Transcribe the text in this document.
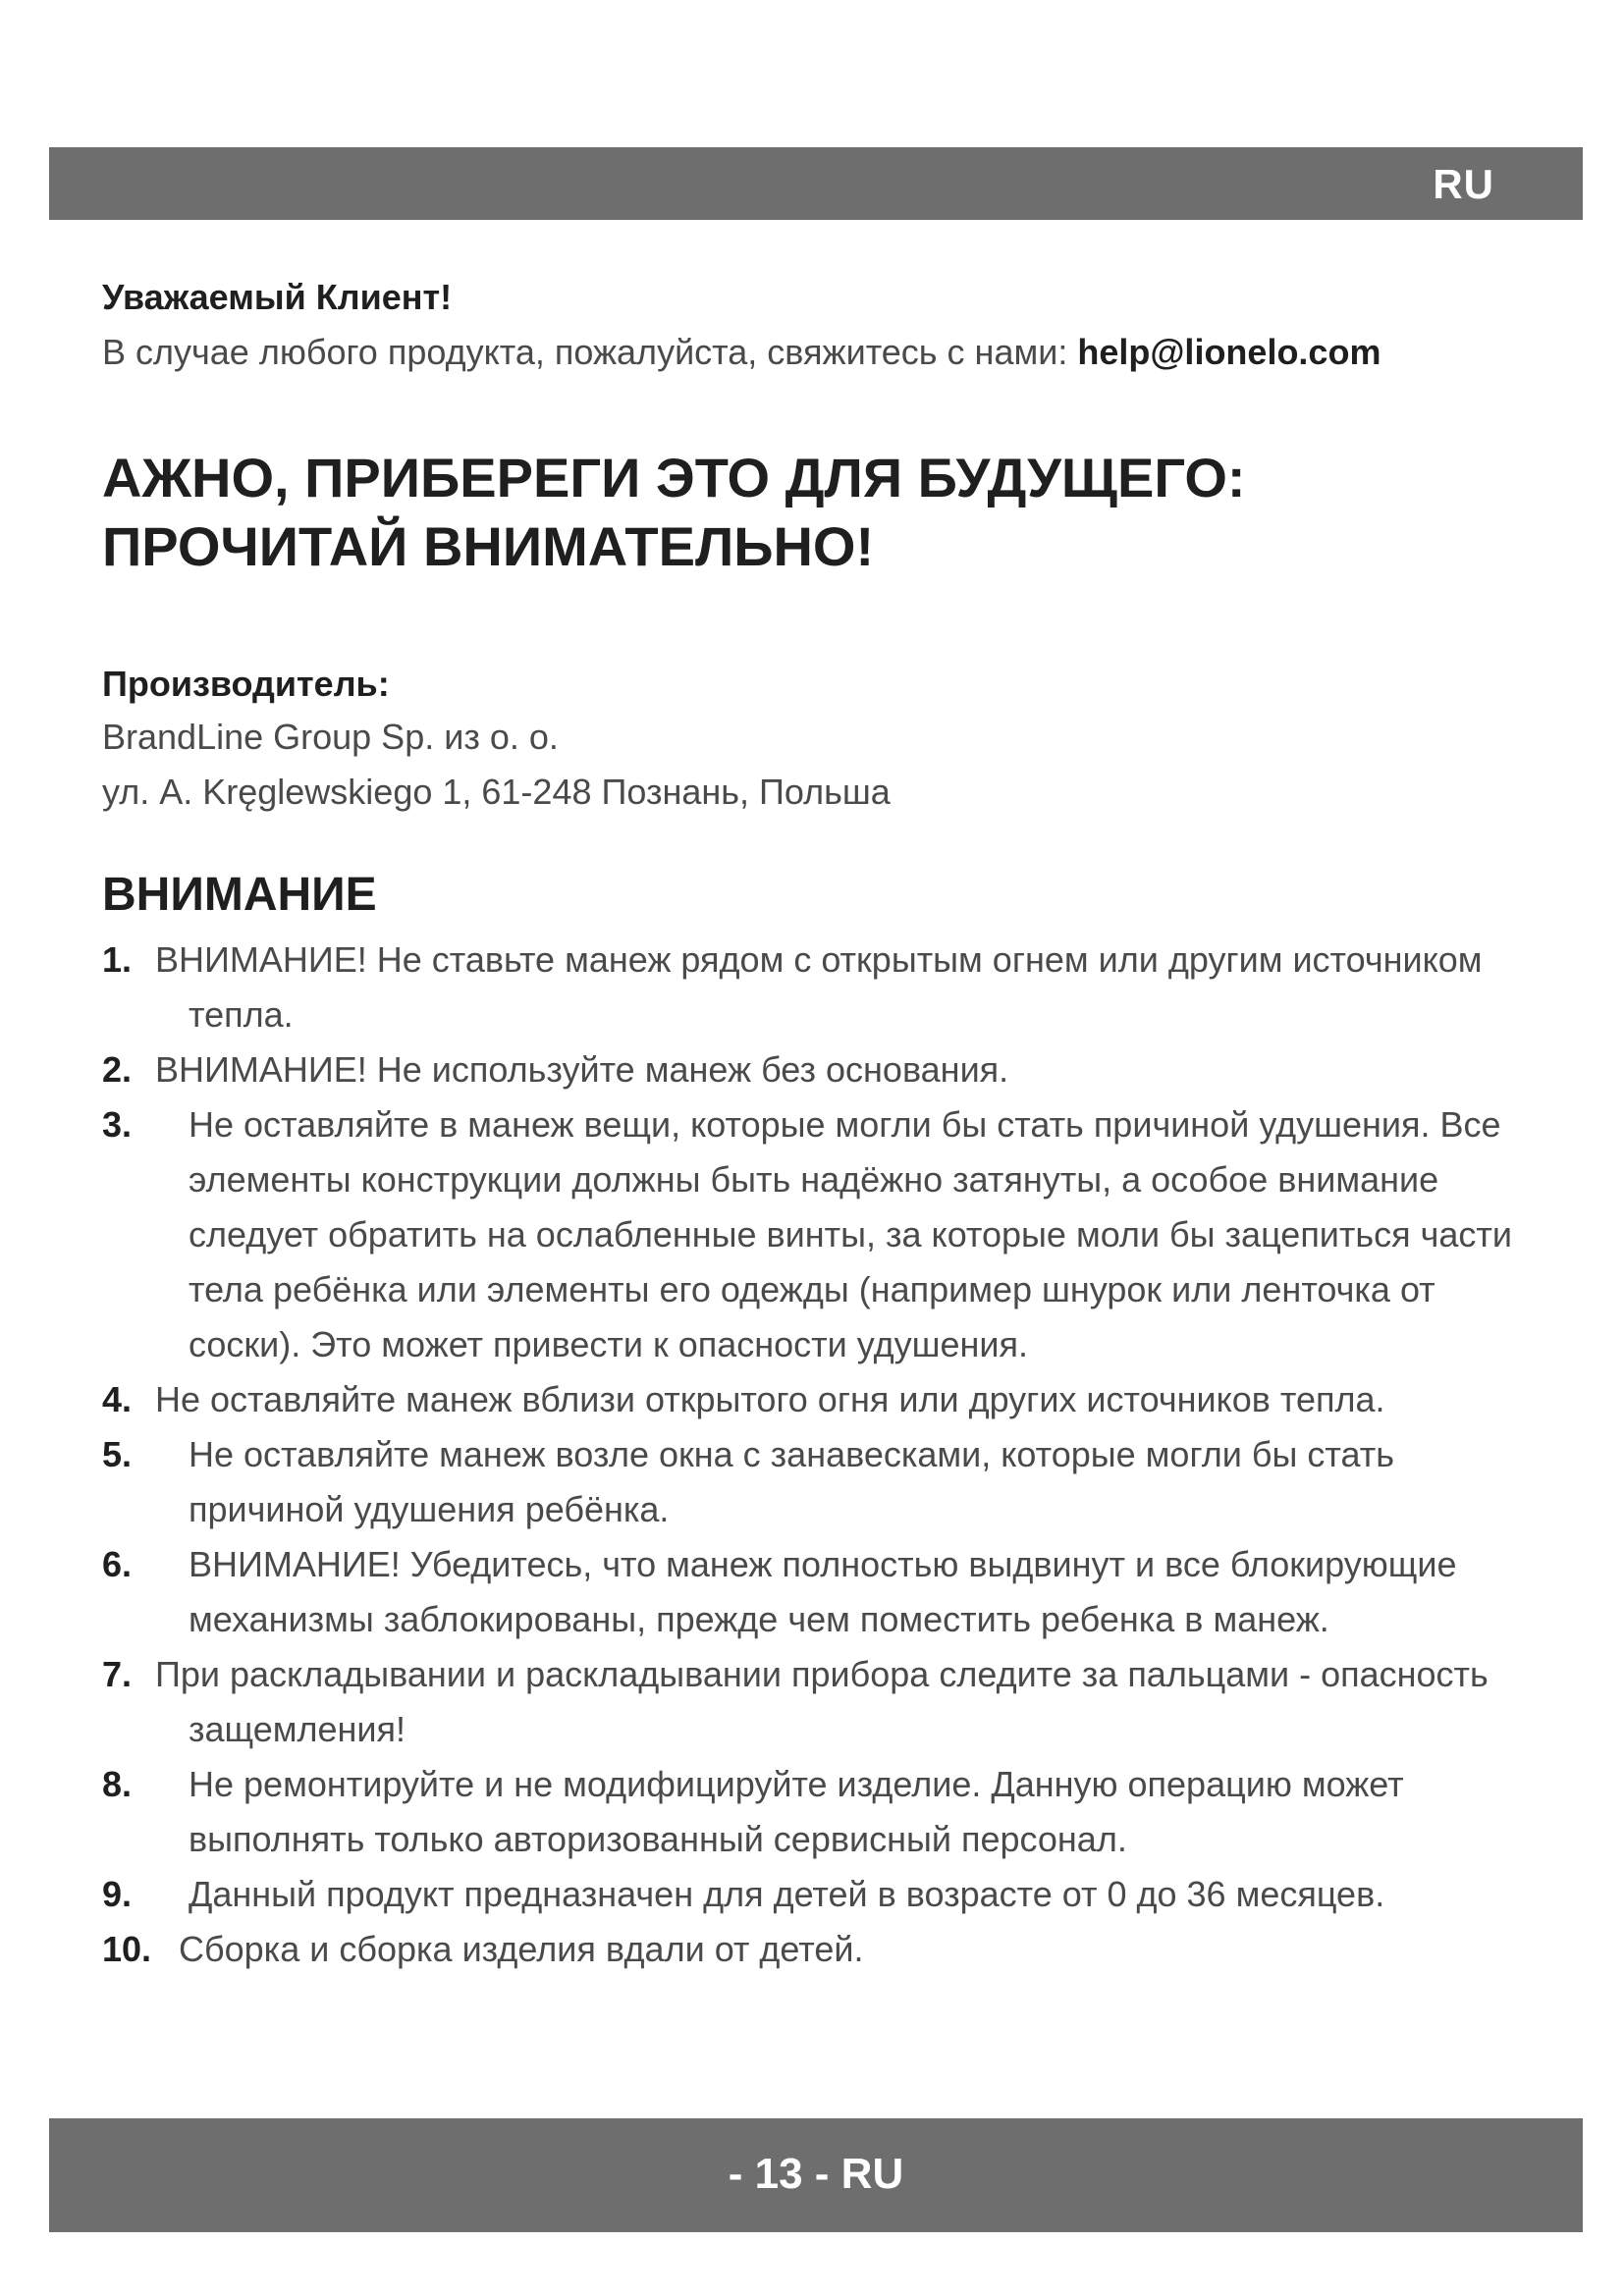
RU
Уважаемый Клиент!
В случае любого продукта, пожалуйста, свяжитесь с нами: help@lionelo.com
АЖНО, ПРИБЕРЕГИ ЭТО ДЛЯ БУДУЩЕГО:
ПРОЧИТАЙ ВНИМАТЕЛЬНО!
Производитель:
BrandLine Group Sp. из о. о.
ул. A. Kręglewskiego 1, 61-248 Познань, Польша
ВНИМАНИЕ
1. ВНИМАНИЕ! Не ставьте манеж рядом с открытым огнем или другим источником тепла.
2. ВНИМАНИЕ! Не используйте манеж без основания.
3.	Не оставляйте в манеж вещи, которые могли бы стать причиной удушения. Все элементы конструкции должны быть надёжно затянуты, а особое внимание следует обратить на ослабленные винты, за которые моли бы зацепиться части тела ребёнка или элементы его одежды (например шнурок или ленточка от соски). Это может привести к опасности удушения.
4. Не оставляйте манеж вблизи открытого огня или других источников тепла.
5.	Не оставляйте манеж возле окна с занавесками, которые могли бы стать причиной удушения ребёнка.
6.	ВНИМАНИЕ! Убедитесь, что манеж полностью выдвинут и все блокирующие механизмы заблокированы, прежде чем поместить ребенка в манеж.
7. При раскладывании и раскладывании прибора следите за пальцами - опасность защемления!
8.	Не ремонтируйте и не модифицируйте изделие. Данную операцию может выполнять только авторизованный сервисный персонал.
9.	Данный продукт предназначен для детей в возрасте от 0 до 36 месяцев.
10. Сборка и сборка изделия вдали от детей.
- 13 - RU
